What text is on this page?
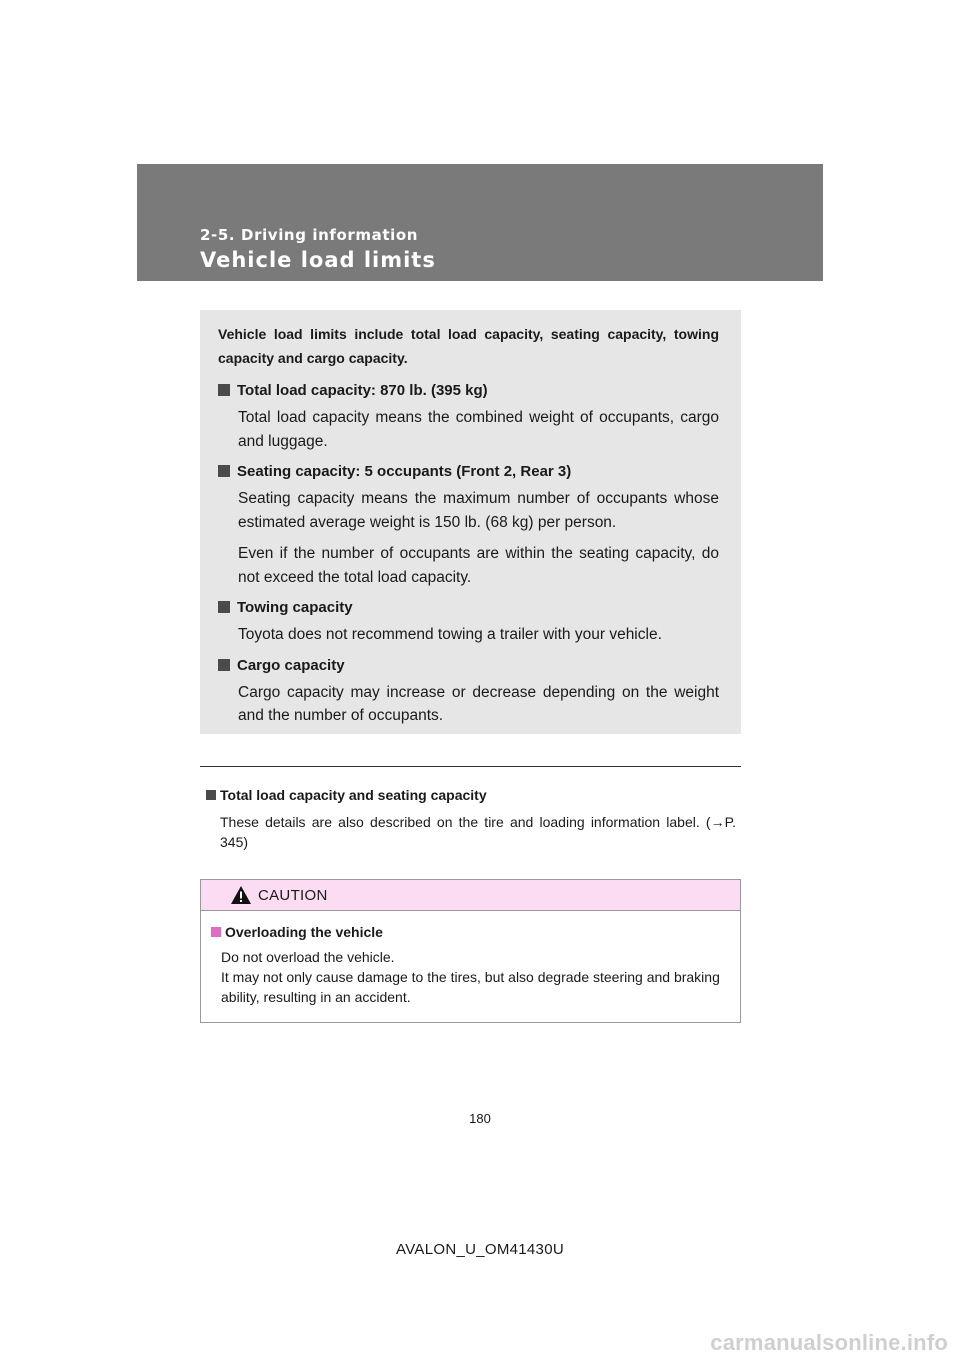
2-5. Driving information
Vehicle load limits

Vehicle load limits include total load capacity, seating capacity, towing capacity and cargo capacity.

Total load capacity: 870 lb. (395 kg)

Total load capacity means the combined weight of occupants, cargo and luggage.

Seating capacity: 5 occupants (Front 2, Rear 3)

Seating capacity means the maximum number of occupants whose estimated average weight is 150 lb. (68 kg) per person.

Even if the number of occupants are within the seating capacity, do not exceed the total load capacity.

Towing capacity

Toyota does not recommend towing a trailer with your vehicle.

Cargo capacity

Cargo capacity may increase or decrease depending on the weight and the number of occupants.

Total load capacity and seating capacity

These details are also described on the tire and loading information label. (→P. 345)

CAUTION

Overloading the vehicle

Do not overload the vehicle.

It may not only cause damage to the tires, but also degrade steering and braking ability, resulting in an accident.

180
AVALON_U_OM41430U
carmanualsonline.info
